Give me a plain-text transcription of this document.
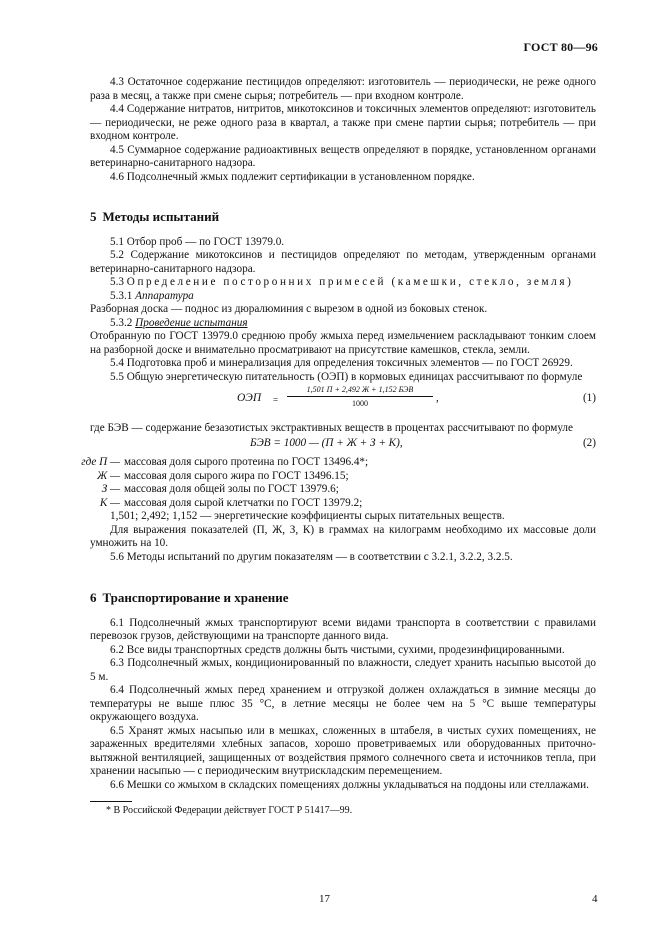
ГОСТ 80—96

4.3 Остаточное содержание пестицидов определяют: изготовитель — периодически, не реже одного раза в месяц, а также при смене сырья; потребитель — при входном контроле.

4.4 Содержание нитратов, нитритов, микотоксинов и токсичных элементов определяют: изготовитель — периодически, не реже одного раза в квартал, а также при смене партии сырья; потребитель — при входном контроле.

4.5 Суммарное содержание радиоактивных веществ определяют в порядке, установленном органами ветеринарно-санитарного надзора.

4.6 Подсолнечный жмых подлежит сертификации в установленном порядке.

5 Методы испытаний

5.1 Отбор проб — по ГОСТ 13979.0.

5.2 Содержание микотоксинов и пестицидов определяют по методам, утвержденным органами ветеринарно-санитарного надзора.

5.3 Определение посторонних примесей (камешки, стекло, земля)

5.3.1 Аппаратура

Разборная доска — поднос из дюралюминия с вырезом в одной из боковых стенок.

5.3.2 Проведение испытания

Отобранную по ГОСТ 13979.0 среднюю пробу жмыха перед измельчением раскладывают тонким слоем на разборной доске и внимательно просматривают на присутствие камешков, стекла, земли.

5.4 Подготовка проб и минерализация для определения токсичных элементов — по ГОСТ 26929.

5.5 Общую энергетическую питательность (ОЭП) в кормовых единицах рассчитывают по формуле

ОЭП =
1,501 П + 2,492 Ж + 1,152 БЭВ
1000	,	(1)

где БЭВ — содержание безазотистых экстрактивных веществ в процентах рассчитывают по формуле

БЭВ = 1000 — (П + Ж + З + К),	(2)
где П — массовая доля сырого протеина по ГОСТ 13496.4*;
Ж — массовая доля сырого жира по ГОСТ 13496.15;
З — массовая доля общей золы по ГОСТ 13979.6;
К — массовая доля сырой клетчатки по ГОСТ 13979.2;

1,501; 2,492; 1,152 — энергетические коэффициенты сырых питательных веществ.

Для выражения показателей (П, Ж, З, К) в граммах на килограмм необходимо их массовые доли умножить на 10.

5.6 Методы испытаний по другим показателям — в соответствии с 3.2.1, 3.2.2, 3.2.5.

6 Транспортирование и хранение

6.1 Подсолнечный жмых транспортируют всеми видами транспорта в соответствии с правилами перевозок грузов, действующими на транспорте данного вида.

6.2 Все виды транспортных средств должны быть чистыми, сухими, продезинфицированными.

6.3 Подсолнечный жмых, кондиционированный по влажности, следует хранить насыпью высотой до 5 м.

6.4 Подсолнечный жмых перед хранением и отгрузкой должен охлаждаться в зимние месяцы до температуры не выше плюс 35 °С, в летние месяцы не более чем на 5 °С выше температуры окружающего воздуха.

6.5 Хранят жмых насыпью или в мешках, сложенных в штабеля, в чистых сухих помещениях, не зараженных вредителями хлебных запасов, хорошо проветриваемых или оборудованных приточно-вытяжной вентиляцией, защищенных от воздействия прямого солнечного света и источников тепла, при хранении насыпью — с периодическим внутрискладским перемещением.

6.6 Мешки со жмыхом в складских помещениях должны укладываться на поддоны или стеллажами.

* В Российской Федерации действует ГОСТ Р 51417—99.

17	4
